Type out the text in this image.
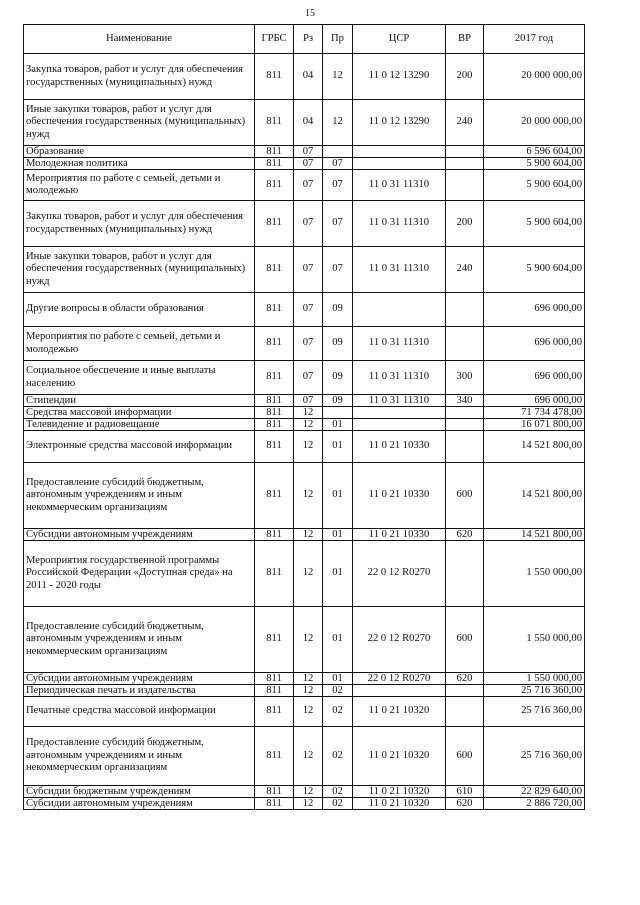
15
Наименование	ГРБС	Рз	Пр	ЦСР	ВР	2017 год
Закупка товаров, работ и услуг для обеспечения государственных (муниципальных) нужд	811	04	12	11 0 12 13290	200	20 000 000,00
Иные закупки товаров, работ и услуг для обеспечения государственных (муниципальных) нужд	811	04	12	11 0 12 13290	240	20 000 000,00
Образование	811	07				6 596 604,00
Молодежная политика	811	07	07			5 900 604,00
Мероприятия по работе с семьей, детьми и молодежью	811	07	07	11 0 31 11310		5 900 604,00
Закупка товаров, работ и услуг для обеспечения государственных (муниципальных) нужд	811	07	07	11 0 31 11310	200	5 900 604,00
Иные закупки товаров, работ и услуг для обеспечения государственных (муниципальных) нужд	811	07	07	11 0 31 11310	240	5 900 604,00
Другие вопросы в области образования	811	07	09			696 000,00
Мероприятия по работе с семьей, детьми и молодежью	811	07	09	11 0 31 11310		696 000,00
Социальное обеспечение и иные выплаты населению	811	07	09	11 0 31 11310	300	696 000,00
Стипендии	811	07	09	11 0 31 11310	340	696 000,00
Средства массовой информации	811	12				71 734 478,00
Телевидение и радиовещание	811	12	01			16 071 800,00
Электронные средства массовой информации	811	12	01	11 0 21 10330		14 521 800,00
Предоставление субсидий бюджетным, автономным учреждениям и иным некоммерческим организациям	811	12	01	11 0 21 10330	600	14 521 800,00
Субсидии автономным учреждениям	811	12	01	11 0 21 10330	620	14 521 800,00
Мероприятия государственной программы Российской Федерации «Доступная среда» на 2011 - 2020 годы	811	12	01	22 0 12 R0270		1 550 000,00
Предоставление субсидий бюджетным, автономным учреждениям и иным некоммерческим организациям	811	12	01	22 0 12 R0270	600	1 550 000,00
Субсидии автономным учреждениям	811	12	01	22 0 12 R0270	620	1 550 000,00
Периодическая печать и издательства	811	12	02			25 716 360,00
Печатные средства массовой информации	811	12	02	11 0 21 10320		25 716 360,00
Предоставление субсидий бюджетным, автономным учреждениям и иным некоммерческим организациям	811	12	02	11 0 21 10320	600	25 716 360,00
Субсидии бюджетным учреждениям	811	12	02	11 0 21 10320	610	22 829 640,00
Субсидии автономным учреждениям	811	12	02	11 0 21 10320	620	2 886 720,00
